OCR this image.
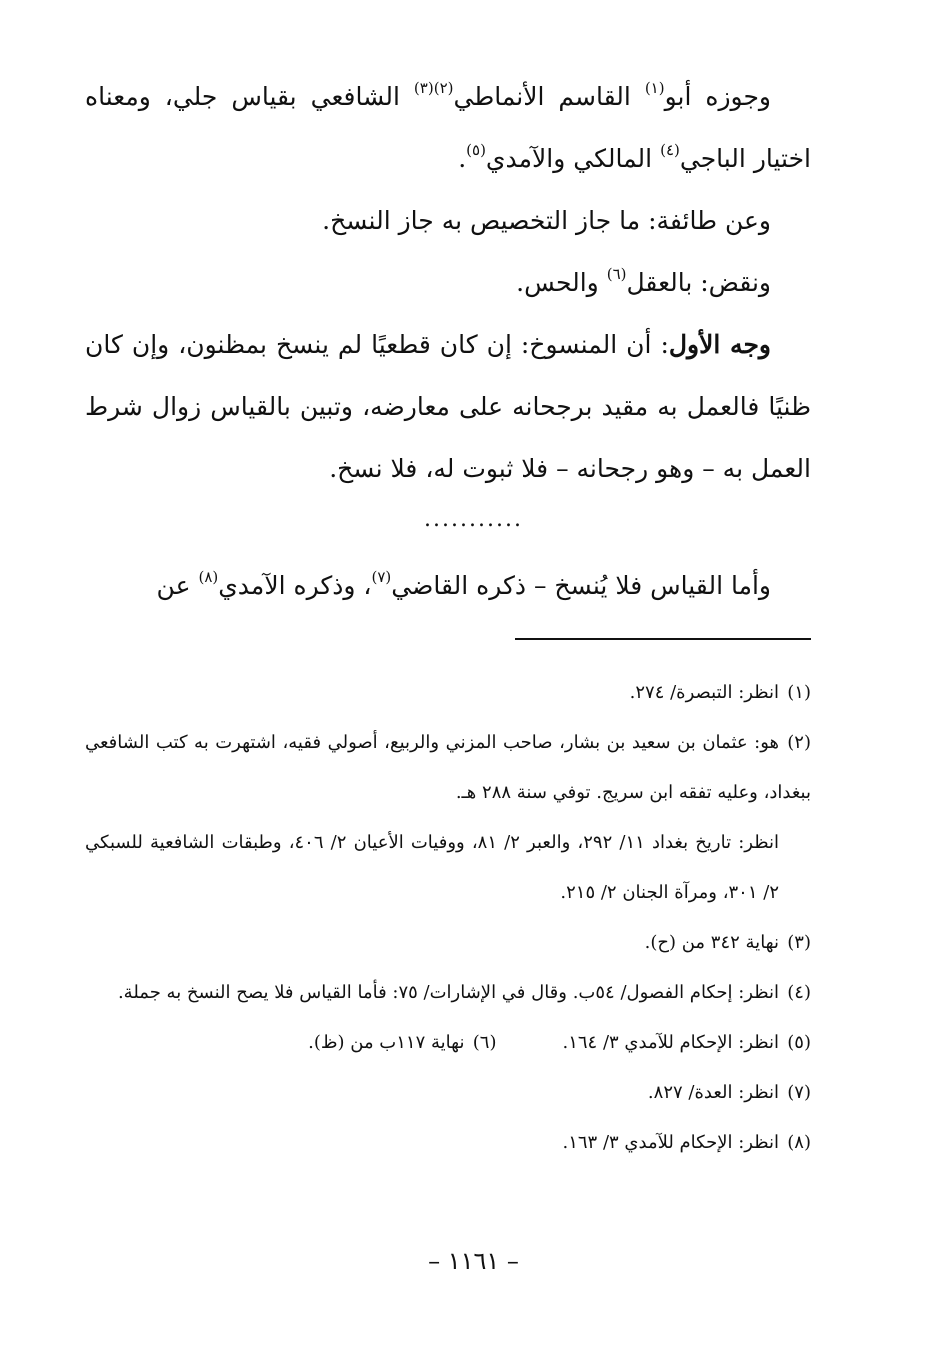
وجوزه أبو$^{(١)}$ القاسم الأنماطي$^{(٢)(٣)}$ الشافعي بقياس جلي، ومعناه اختيار الباجي$^{(٤)}$ المالكي والآمدي$^{(٥)}$.

وعن طائفة: ما جاز التخصيص به جاز النسخ.

ونقض: بالعقل$^{(٦)}$ والحس.

وجه الأول: أن المنسوخ: إن كان قطعيًا لم ينسخ بمظنون، وإن كان ظنيًا فالعمل به مقيد برجحانه على معارضه، وتبين بالقياس زوال شرط العمل به – وهو رجحانه – فلا ثبوت له، فلا نسخ.

...........

وأما القياس فلا يُنسخ – ذكره القاضي$^{(٧)}$، وذكره الآمدي$^{(٨)}$ عن

(١)انظر: التبصرة/ ٢٧٤.

(٢)هو: عثمان بن سعيد بن بشار، صاحب المزني والربيع، أصولي فقيه، اشتهرت به كتب الشافعي ببغداد، وعليه تفقه ابن سريج. توفي سنة ٢٨٨ هـ.
انظر: تاريخ بغداد ١١/ ٢٩٢، والعبر ٢/ ٨١، ووفيات الأعيان ٢/ ٤٠٦، وطبقات الشافعية للسبكي ٢/ ٣٠١، ومرآة الجنان ٢/ ٢١٥.

(٣)نهاية ٣٤٢ من (ح).

(٤)انظر: إحكام الفصول/ ٥٤ب. وقال في الإشارات/ ٧٥: فأما القياس فلا يصح النسخ به جملة.

(٥)انظر: الإحكام للآمدي ٣/ ١٦٤.

(٦)نهاية ١١٧ب من (ظ).

(٧)انظر: العدة/ ٨٢٧.

(٨)انظر: الإحكام للآمدي ٣/ ١٦٣.

– ١١٦١ –
